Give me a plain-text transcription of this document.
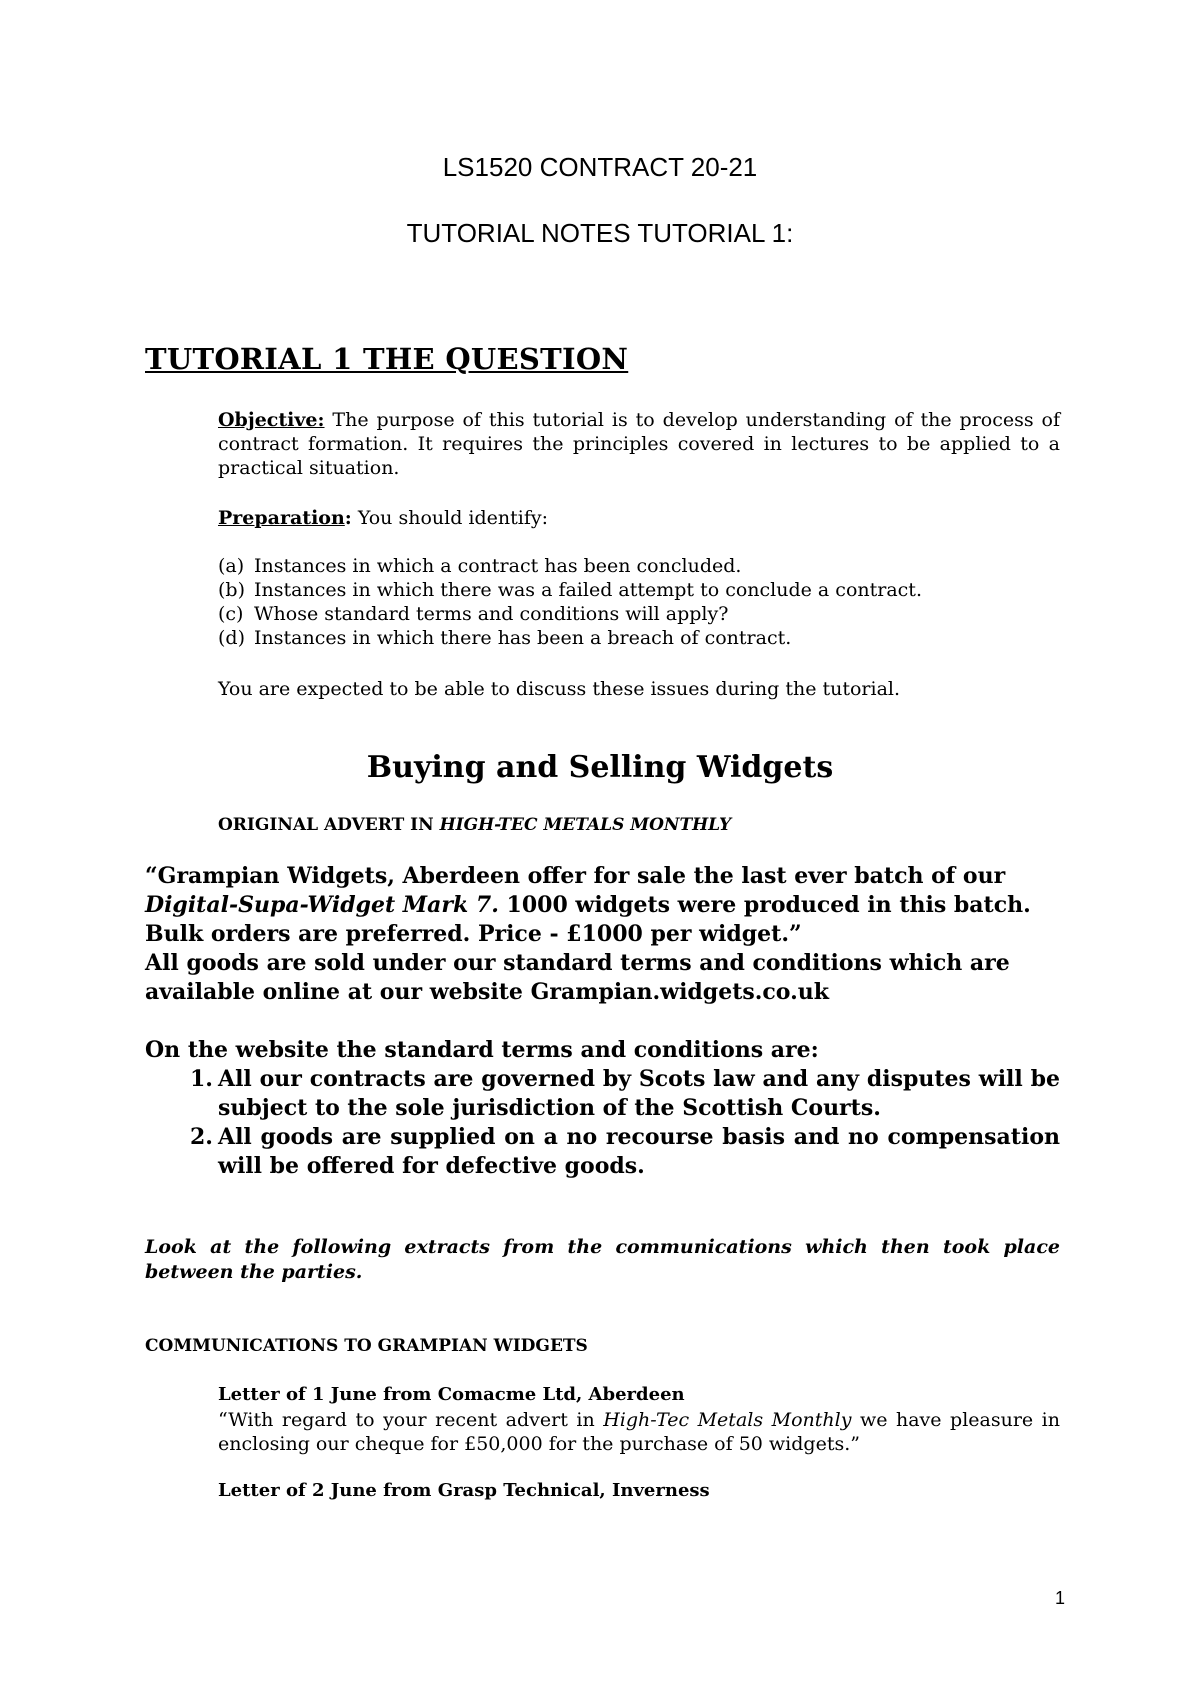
LS1520 CONTRACT 20-21
TUTORIAL NOTES TUTORIAL 1:
TUTORIAL 1 THE QUESTION
Objective: The purpose of this tutorial is to develop understanding of the process of contract formation. It requires the principles covered in lectures to be applied to a practical situation.
Preparation: You should identify:
(a) Instances in which a contract has been concluded.
(b) Instances in which there was a failed attempt to conclude a contract.
(c) Whose standard terms and conditions will apply?
(d) Instances in which there has been a breach of contract.
You are expected to be able to discuss these issues during the tutorial.
Buying and Selling Widgets
ORIGINAL ADVERT IN HIGH-TEC METALS MONTHLY
“Grampian Widgets, Aberdeen offer for sale the last ever batch of our Digital-Supa-Widget Mark 7. 1000 widgets were produced in this batch. Bulk orders are preferred. Price - £1000 per widget.”
All goods are sold under our standard terms and conditions which are available online at our website Grampian.widgets.co.uk
On the website the standard terms and conditions are:
1. All our contracts are governed by Scots law and any disputes will be subject to the sole jurisdiction of the Scottish Courts.
2. All goods are supplied on a no recourse basis and no compensation will be offered for defective goods.
Look at the following extracts from the communications which then took place between the parties.
COMMUNICATIONS TO GRAMPIAN WIDGETS
Letter of 1 June from Comacme Ltd, Aberdeen
“With regard to your recent advert in High-Tec Metals Monthly we have pleasure in enclosing our cheque for £50,000 for the purchase of 50 widgets.”
Letter of 2 June from Grasp Technical, Inverness
1
